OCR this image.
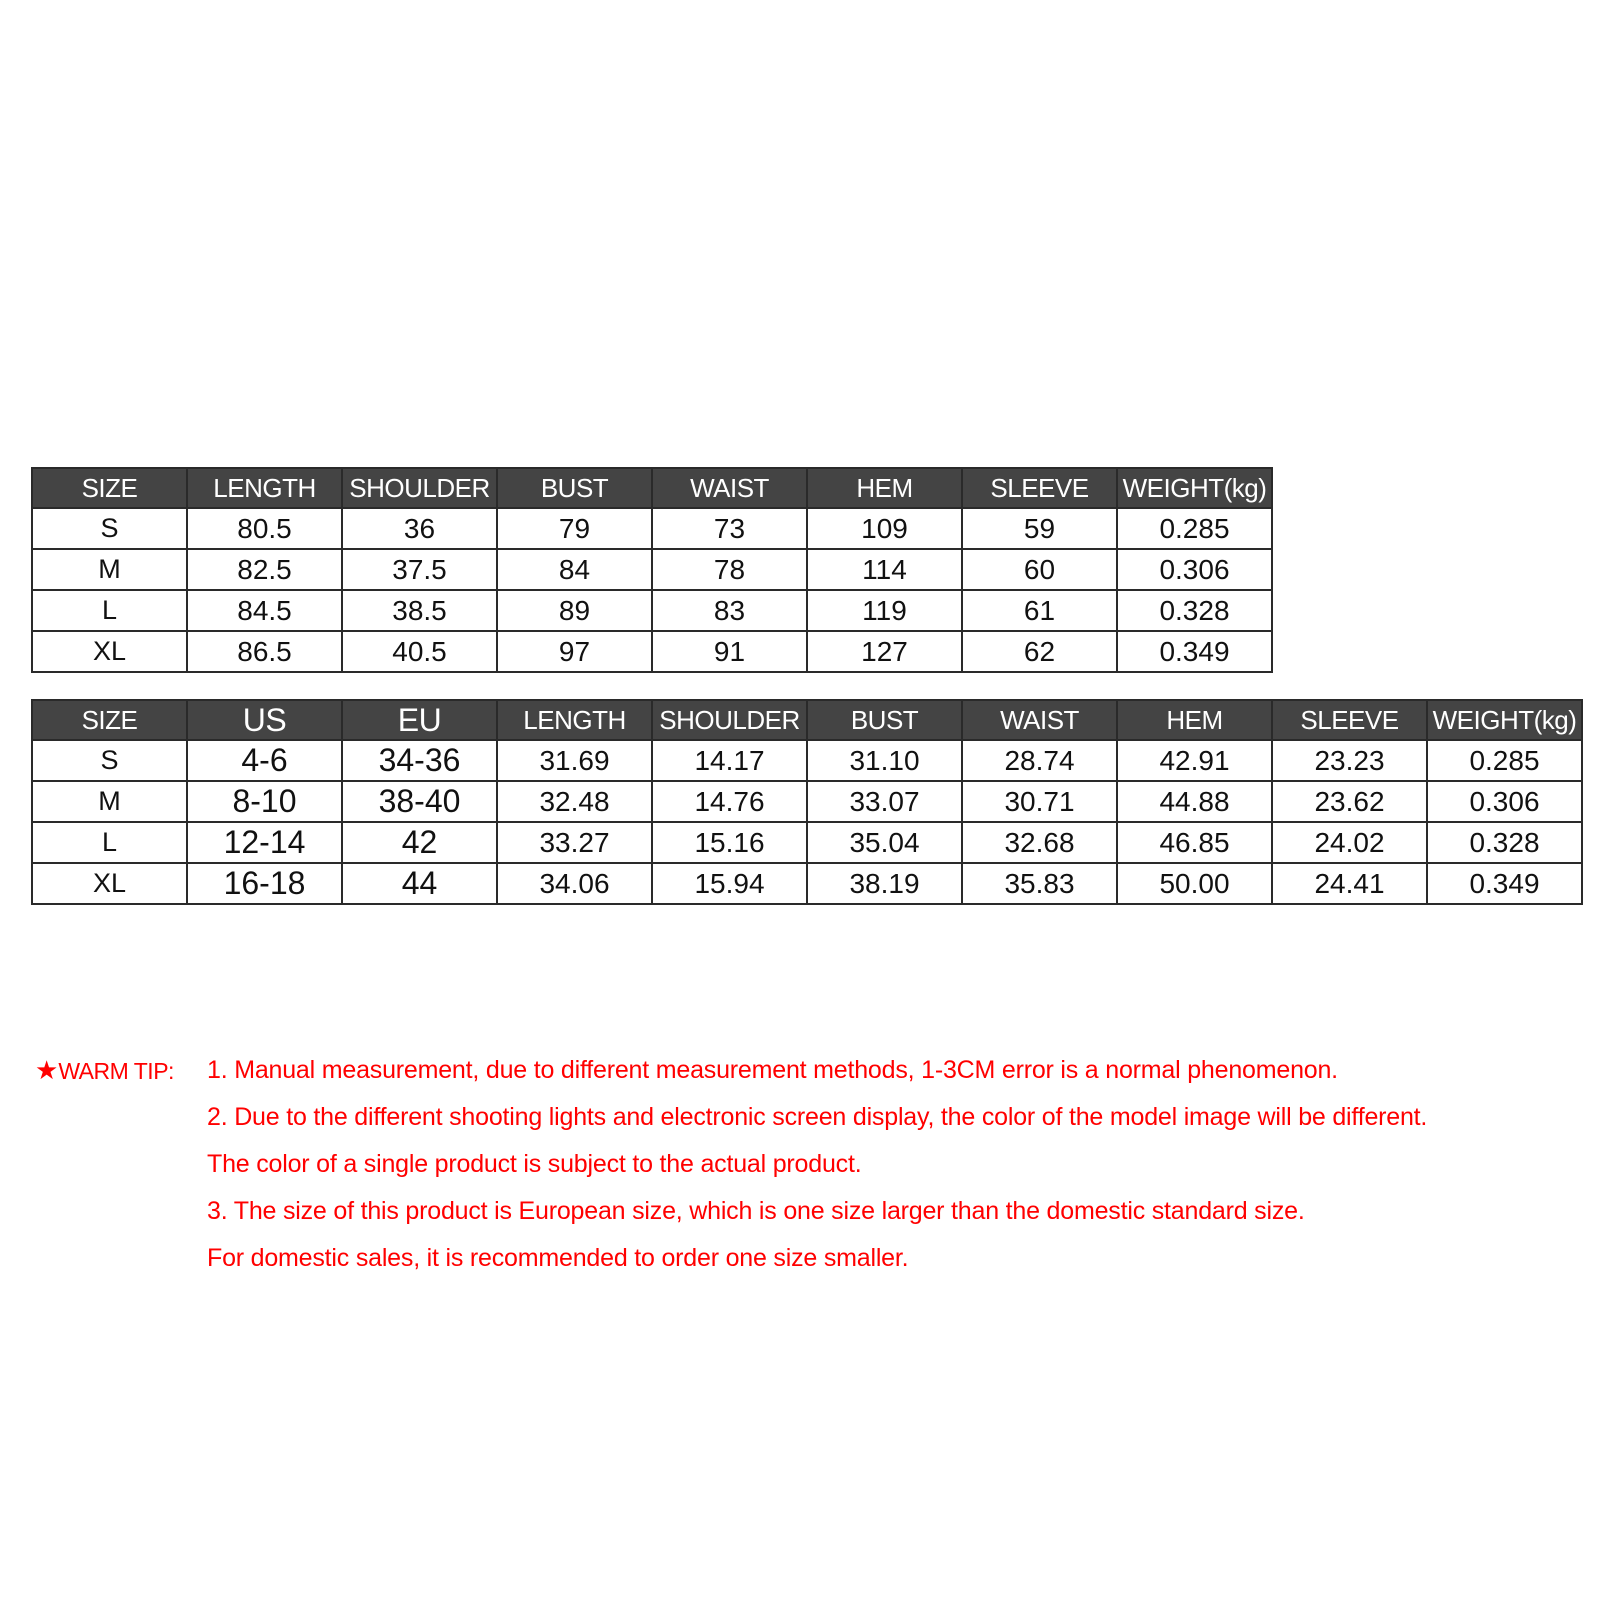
SIZE	LENGTH	SHOULDER	BUST	WAIST	HEM	SLEEVE	WEIGHT(kg)
S	80.5	36	79	73	109	59	0.285
M	82.5	37.5	84	78	114	60	0.306
L	84.5	38.5	89	83	119	61	0.328
XL	86.5	40.5	97	91	127	62	0.349
SIZE	US	EU	LENGTH	SHOULDER	BUST	WAIST	HEM	SLEEVE	WEIGHT(kg)
S	4-6	34-36	31.69	14.17	31.10	28.74	42.91	23.23	0.285
M	8-10	38-40	32.48	14.76	33.07	30.71	44.88	23.62	0.306
L	12-14	42	33.27	15.16	35.04	32.68	46.85	24.02	0.328
XL	16-18	44	34.06	15.94	38.19	35.83	50.00	24.41	0.349
★WARM TIP: 1. Manual measurement, due to different measurement methods, 1-3CM error is a normal phenomenon.
2. Due to the different shooting lights and electronic screen display, the color of the model image will be different.
The color of a single product is subject to the actual product.
3. The size of this product is European size, which is one size larger than the domestic standard size.
For domestic sales, it is recommended to order one size smaller.
